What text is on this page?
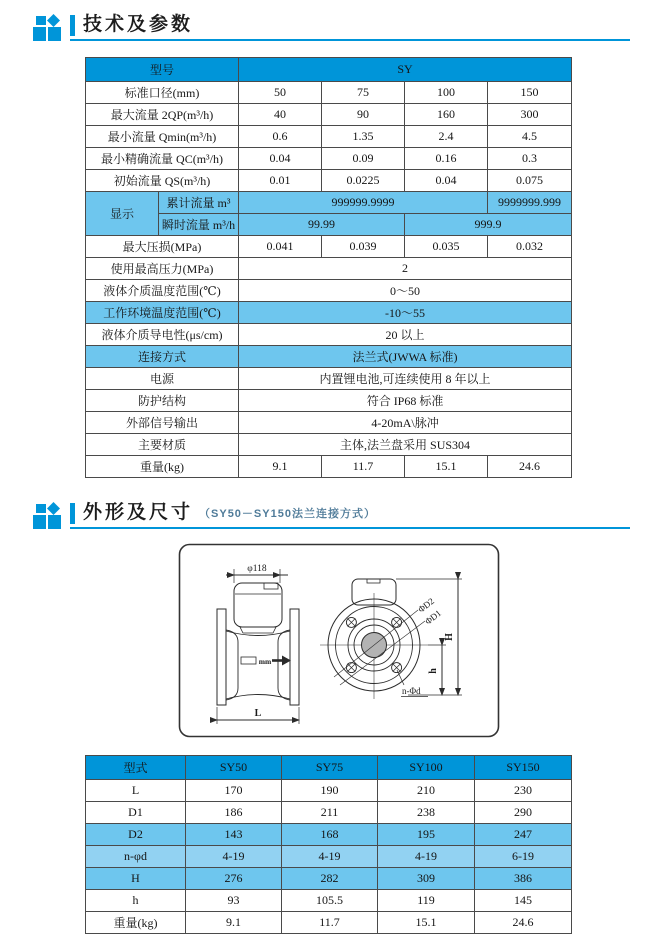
技术及参数
型号		SY			
标准口径(mm)		50	75	100	150
最大流量 2QP(m³/h)		40	90	160	300
最小流量 Qmin(m³/h)		0.6	1.35	2.4	4.5
最小精确流量 QC(m³/h)		0.04	0.09	0.16	0.3
初始流量 QS(m³/h)		0.01	0.0225	0.04	0.075
显示	累计流量 m³	999999.9999			9999999.999
	瞬时流量 m³/h	99.99		999.9	
最大压损(MPa)		0.041	0.039	0.035	0.032
使用最高压力(MPa)		2			
液体介质温度范围(℃)		0～50			
工作环境温度范围(℃)		-10～55			
液体介质导电性(μs/cm)		20 以上			
连接方式		法兰式(JWWA 标准)			
电源		内置锂电池,可连续使用 8 年以上			
防护结构		符合 IP68 标准			
外部信号输出		4-20mA\脉冲			
主要材质		主体,法兰盘采用 SUS304			
重量(kg)		9.1	11.7	15.1	24.6
外形及尺寸 （SY50－SY150法兰连接方式）
φ118
mm
L
ΦD2
ΦD1
H
h
n-Φd
型式	SY50	SY75	SY100	SY150
L	170	190	210	230
D1	186	211	238	290
D2	143	168	195	247
n-φd	4-19	4-19	4-19	6-19
H	276	282	309	386
h	93	105.5	119	145
重量(kg)	9.1	11.7	15.1	24.6
